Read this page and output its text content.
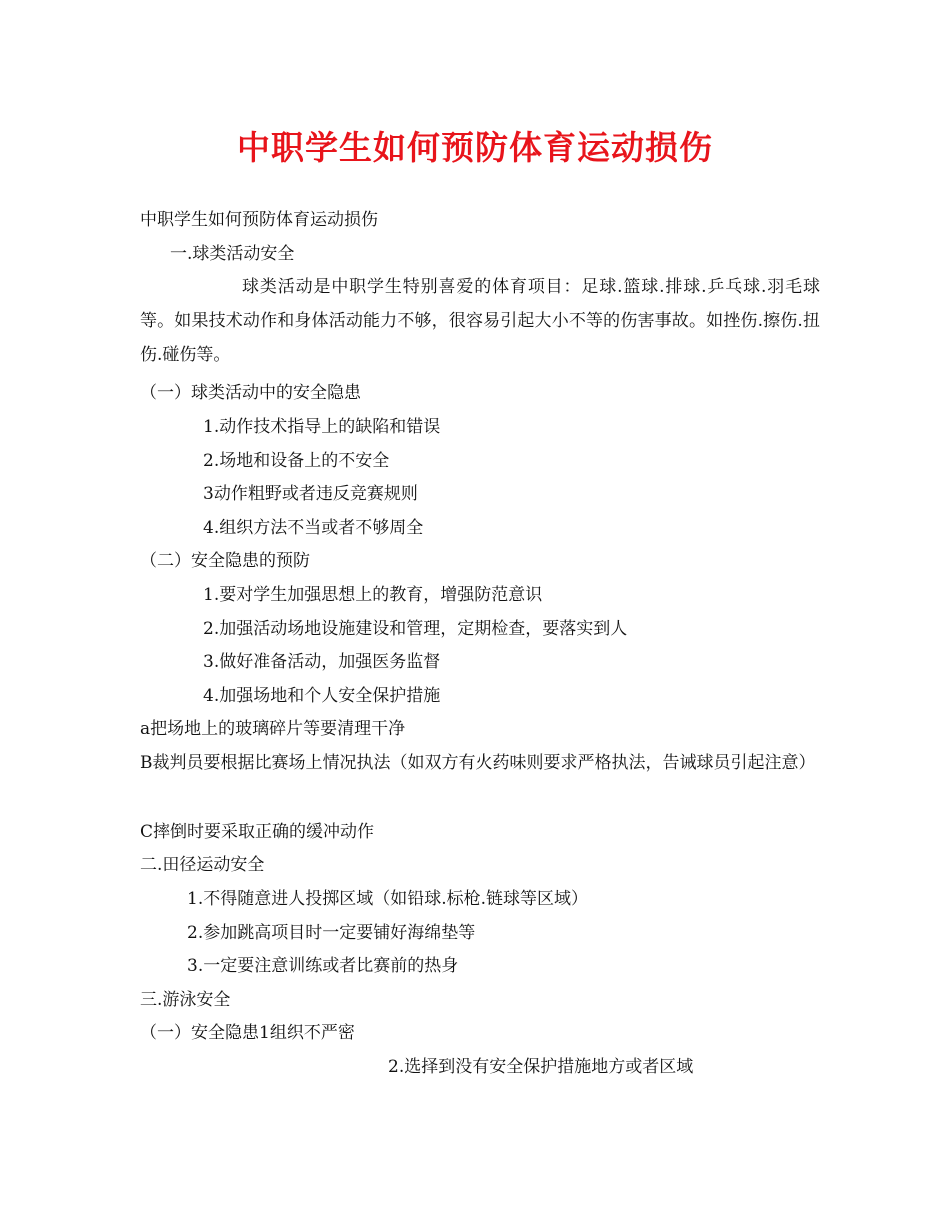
中职学生如何预防体育运动损伤
中职学生如何预防体育运动损伤
一.球类活动安全
球类活动是中职学生特别喜爱的体育项目：足球.篮球.排球.乒乓球.羽毛球等。如果技术动作和身体活动能力不够，很容易引起大小不等的伤害事故。如挫伤.擦伤.扭伤.碰伤等。
（一）球类活动中的安全隐患
1.动作技术指导上的缺陷和错误
2.场地和设备上的不安全
3动作粗野或者违反竞赛规则
4.组织方法不当或者不够周全
（二）安全隐患的预防
1.要对学生加强思想上的教育，增强防范意识
2.加强活动场地设施建设和管理，定期检查，要落实到人
3.做好准备活动，加强医务监督
4.加强场地和个人安全保护措施
a把场地上的玻璃碎片等要清理干净
B裁判员要根据比赛场上情况执法（如双方有火药味则要求严格执法，告诫球员引起注意）
C摔倒时要采取正确的缓冲动作
二.田径运动安全
1.不得随意进人投掷区域（如铅球.标枪.链球等区域）
2.参加跳高项目时一定要铺好海绵垫等
3.一定要注意训练或者比赛前的热身
三.游泳安全
（一）安全隐患1组织不严密
2.选择到没有安全保护措施地方或者区域
